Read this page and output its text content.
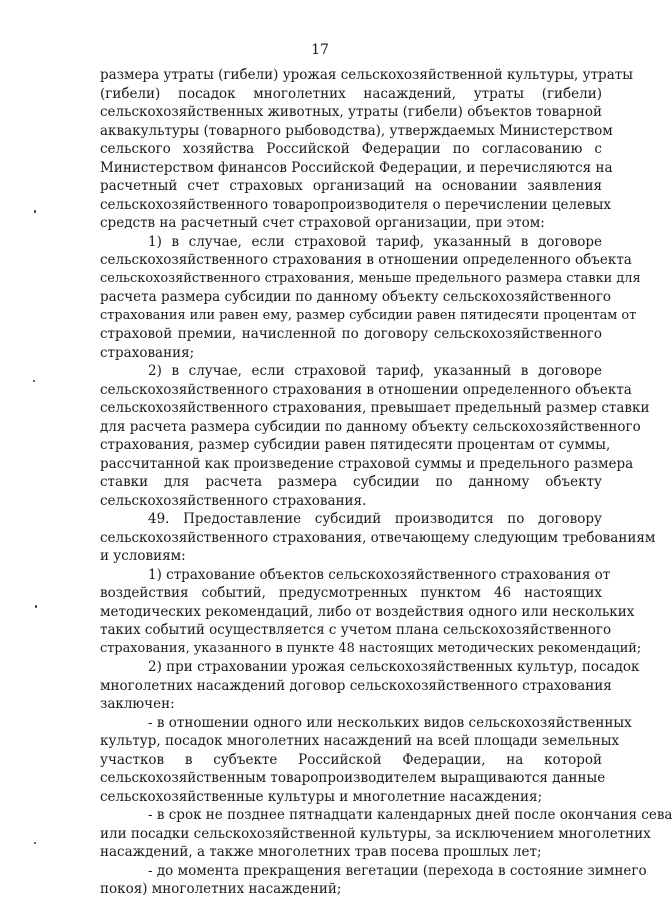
17
размера утраты (гибели) урожая сельскохозяйственной культуры, утраты
(гибели) посадок многолетних насаждений, утраты (гибели)
сельскохозяйственных животных, утраты (гибели) объектов товарной
аквакультуры (товарного рыбоводства), утверждаемых Министерством
сельского хозяйства Российской Федерации по согласованию с
Министерством финансов Российской Федерации, и перечисляются на
расчетный счет страховых организаций на основании заявления
сельскохозяйственного товаропроизводителя о перечислении целевых
средств на расчетный счет страховой организации, при этом:
1) в случае, если страховой тариф, указанный в договоре
сельскохозяйственного страхования в отношении определенного объекта
сельскохозяйственного страхования, меньше предельного размера ставки для
расчета размера субсидии по данному объекту сельскохозяйственного
страхования или равен ему, размер субсидии равен пятидесяти процентам от
страховой премии, начисленной по договору сельскохозяйственного
страхования;
2) в случае, если страховой тариф, указанный в договоре
сельскохозяйственного страхования в отношении определенного объекта
сельскохозяйственного страхования, превышает предельный размер ставки
для расчета размера субсидии по данному объекту сельскохозяйственного
страхования, размер субсидии равен пятидесяти процентам от суммы,
рассчитанной как произведение страховой суммы и предельного размера
ставки для расчета размера субсидии по данному объекту
сельскохозяйственного страхования.
49. Предоставление субсидий производится по договору
сельскохозяйственного страхования, отвечающему следующим требованиям
и условиям:
1) страхование объектов сельскохозяйственного страхования от
воздействия событий, предусмотренных пунктом 46 настоящих
методических рекомендаций, либо от воздействия одного или нескольких
таких событий осуществляется с учетом плана сельскохозяйственного
страхования, указанного в пункте 48 настоящих методических рекомендаций;
2) при страховании урожая сельскохозяйственных культур, посадок
многолетних насаждений договор сельскохозяйственного страхования
заключен:
- в отношении одного или нескольких видов сельскохозяйственных
культур, посадок многолетних насаждений на всей площади земельных
участков в субъекте Российской Федерации, на которой
сельскохозяйственным товаропроизводителем выращиваются данные
сельскохозяйственные культуры и многолетние насаждения;
- в срок не позднее пятнадцати календарных дней после окончания сева
или посадки сельскохозяйственной культуры, за исключением многолетних
насаждений, а также многолетних трав посева прошлых лет;
- до момента прекращения вегетации (перехода в состояние зимнего
покоя) многолетних насаждений;
